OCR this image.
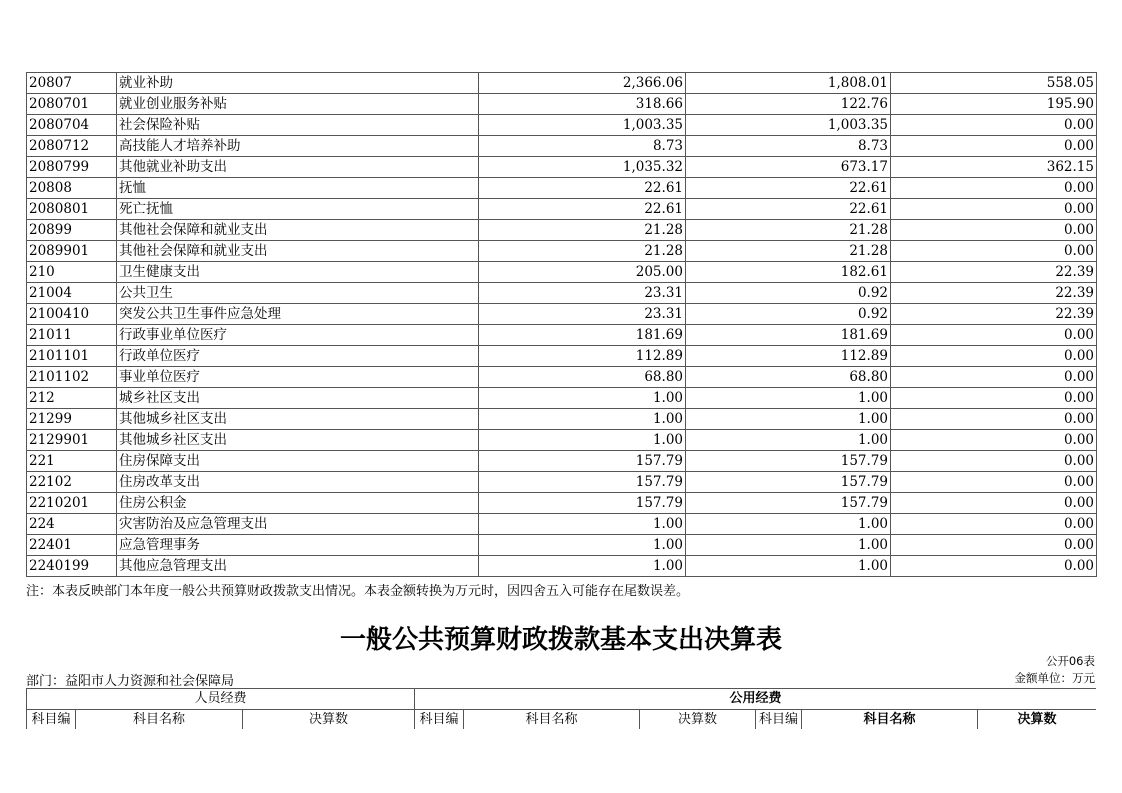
20807	就业补助	2,366.06	1,808.01	558.05
2080701	就业创业服务补贴	318.66	122.76	195.90
2080704	社会保险补贴	1,003.35	1,003.35	0.00
2080712	高技能人才培养补助	8.73	8.73	0.00
2080799	其他就业补助支出	1,035.32	673.17	362.15
20808	抚恤	22.61	22.61	0.00
2080801	死亡抚恤	22.61	22.61	0.00
20899	其他社会保障和就业支出	21.28	21.28	0.00
2089901	其他社会保障和就业支出	21.28	21.28	0.00
210	卫生健康支出	205.00	182.61	22.39
21004	公共卫生	23.31	0.92	22.39
2100410	突发公共卫生事件应急处理	23.31	0.92	22.39
21011	行政事业单位医疗	181.69	181.69	0.00
2101101	行政单位医疗	112.89	112.89	0.00
2101102	事业单位医疗	68.80	68.80	0.00
212	城乡社区支出	1.00	1.00	0.00
21299	其他城乡社区支出	1.00	1.00	0.00
2129901	其他城乡社区支出	1.00	1.00	0.00
221	住房保障支出	157.79	157.79	0.00
22102	住房改革支出	157.79	157.79	0.00
2210201	住房公积金	157.79	157.79	0.00
224	灾害防治及应急管理支出	1.00	1.00	0.00
22401	应急管理事务	1.00	1.00	0.00
2240199	其他应急管理支出	1.00	1.00	0.00
注：本表反映部门本年度一般公共预算财政拨款支出情况。本表金额转换为万元时，因四舍五入可能存在尾数误差。
一般公共预算财政拨款基本支出决算表
公开06表
部门：益阳市人力资源和社会保障局	金额单位：万元
人员经费			公用经费					
科目编	科目名称	决算数	科目编	科目名称	决算数	科目编	科目名称	决算数
